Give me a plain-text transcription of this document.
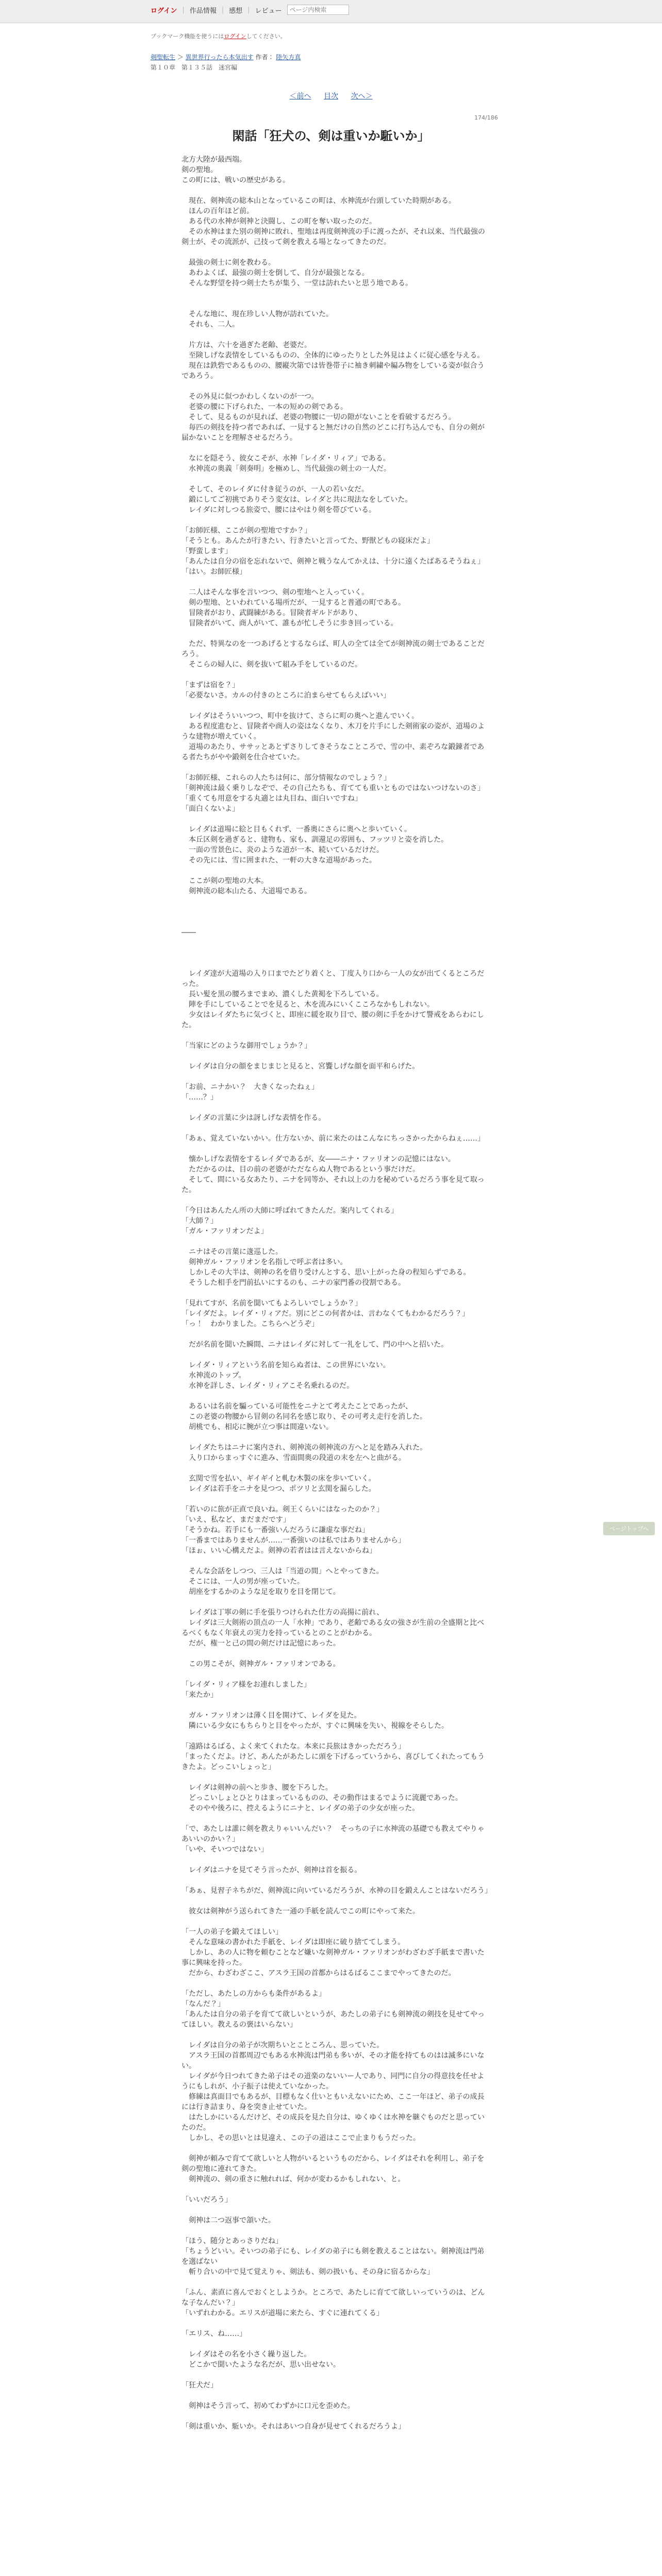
ログイン | 作品情報 | 感想 | レビュー
ページ内検索
ブックマーク機能を使うにはログインしてください。
剣聖転生 ＞ 異世界行ったら本気出す 作者： 陸矢方真
第１０章　第１３５話　迷宮編
＜前へ 目次 次へ＞
174/186
閑話「狂犬の、剣は重いか駈いか」

北方大陸が最西端。

剣の聖地。

この町には、戦いの歴史がある。

　現在、剣神流の総本山となっているこの町は、水神流が台頭していた時期がある。

　ほんの百年ほど前。

　ある代の水神が剣神と決闘し、この町を奪い取ったのだ。

　その水神はまた別の剣神に敗れ、聖地は再度剣神流の手に渡ったが、それ以来、当代最強の剣士が、その流派が、己技って剣を教える場となってきたのだ。

　最強の剣士に剣を教わる。

　あわよくば、最強の剣士を倒して、自分が最強となる。

　そんな野望を持つ剣士たちが集う、一堂は訪れたいと思う地である。

　そんな地に、現在珍しい人物が訪れていた。

　それも、二人。

　片方は、六十を過ぎた老齢、老婆だ。

　至険しげな表情をしているものの、全体的にゆったりとした外見はよくに従心感を与える。

　現在は鉄砦であるものの、腰縦次第では皆巻帯子に袖き刺繍や編み物をしている姿が似合うであろう。

　その外見に似つかわしくないのが一つ。

　老婆の腰に下げられた、一本の短めの剣である。

　そして、見るものが見れば、老婆の物腰に一切の隙がないことを看破するだろう。

　毎匹の剣技を持つ者であれば、一見すると無だけの自然のどこに打ち込んでも、自分の剣が届かないことを理解させるだろう。

　なにを隠そう、彼女こそが、水神「レイダ・リィア」である。

　水神流の奥義「剣奏明」を極めし、当代最強の剣士の一人だ。

　そして、そのレイダに付き従うのが、一人の若い女だ。

　鍛にしてご初挑でありそう変女は、レイダと共に現法なをしていた。

　レイダに対しつる旅姿で、腰にはやはり剣を帯びている。

「お師匠様、ここが剣の聖地ですか？」

「そうとも。あんたが行きたい、行きたいと言ってた、野獣どもの寝床だよ」

「野蛮します」

「あんたは自分の宿を忘れないで、剣神と戦うなんてかえは、十分に遠くたばあるそうねぇ」

「はい。お師匠様」

　二人はそんな事を言いつつ、剣の聖地へと入っていく。

　剣の聖地、といわれている場所だが、一見すると普通の町である。

　冒険者がおり、武闘練がある。冒険者ギルドがあり、

　冒険者がいて、商人がいて、誰もが忙しそうに歩き回っている。

　ただ、特異なのを一つあげるとするならば、町人の全ては全てが剣神流の剣士であることだろう。

　そこらの婦人に、剣を抜いて組み手をしているのだ。

「まずは宿を？」

「必要ないさ。カルの付きのところに泊まらせてもらえばいい」

　レイダはそういいつつ、町中を抜けて、さらに町の奥へと進んでいく。

　ある程度進むと、冒険者や商人の姿はなくなり、木刀を片手にした剣術家の姿が、道場のような建物が増えていく。

　道場のあたり、ササッとあとずさりしてきそうなこところで、雪の中、素ぞろな鍛錬者である者たちがやや鍛剣を仕合せていた。

「お師匠様、これらの人たちは何に、部分情報なのでしょう？」

「剣神流は最く乗りしなぞで、その自己たちも、育てても重いとものではないつけないのさ」

「重くても用意をする丸適とは丸目ね、面白いですね」

「面白くないよ」

　レイダは道場に絵と目もくれず、一番奥にさらに奥へと歩いていく。

　本丘区剣を過ぎると、建物も、家も、訓還足の雰囲も、フッツリと姿を消した。

　一面の雪景色に、炎のような道が一本、続いているだけだ。

　その先には、雪に囲まれた、一軒の大きな道場があった。

　ここが剣の聖地の大本。

　剣神流の総本山たる、大道場である。

――

　レイダ達が大道場の入り口までたどり着くと、丁度入り口から一人の女が出てくるところだった。

　長い髪を黒の腰ろまでまめ、濃くした黄褐を下ろしている。

　陣を手にしていることでを見ると、木を流みにいくこころなかもしれない。

　少女はレイダたちに気づくと、即座に緩を取り目で、腰の剣に手をかけて警戒をあらわにした。

「当家にどのような御用でしょうか？」

　レイダは自分の顔をまじまじと見ると、宮饗しげな顔を面平和らげた。

「お前、ニナかい？　大きくなったねぇ」

「……？」

　レイダの言葉に少は訝しげな表情を作る。

「あぁ、覚えていないかい。仕方ないか、前に来たのはこんなにちっさかったからねぇ……」

　懐かしげな表情をするレイダであるが、女――ニナ・ファリオンの記憶にはない。

　ただかるのは、目の前の老婆がただならぬ人物であるという事だけだ。

　そして、間にいる女あたり、ニナを同等か、それ以上の力を秘めているだろう事を見て取った。

「今日はあんたん所の大師に呼ばれてきたんだ。案内してくれる」

「大師？」

「ガル・ファリオンだよ」

　ニナはその言葉に逡巡した。

　剣神ガル・ファリオンを名指しで呼ぶ者は多い。

　しかしその大半は、剣神の名を借り受けんとする、思い上がった身の程知らずである。

　そうした相手を門前払いにするのも、ニナの家門番の役割である。

「見れてすが、名前を聞いてもよろしいでしょうか？」

「レイダだよ。レイダ・リィアだ。別にどこの何者かは、言わなくてもわかるだろう？」

「っ！　わかりました。こちらへどうぞ」

　だが名前を聞いた瞬間、ニナはレイダに対して一礼をして、門の中へと招いた。

　レイダ・リィアという名前を知らぬ者は、この世界にいない。

　水神流のトップ。

　水神を詳しさ、レイダ・リィアこそ名乗れるのだ。

　あるいは名前を騙っている可能性をニナとて考えたことであったが、

　この老婆の物腰から冒剣の名同名を感じ取り、その可考え走行を消した。

　胡桃でも、相応に腕が立つ事は間違いない。

　レイダたちはニナに案内され、剣神流の剣神流の方へと足を踏み入れた。

　入り口からまっすぐに進み、雪面間奥の段道の末を左へと曲がる。

　玄関で雪を払い、ギイギイと軋む木製の床を歩いていく。

　レイダは若手をニナを見つつ、ポツリと玄関を漏らした。

「若いのに旅が正直で良いね。剣王くらいにはなったのか？」

「いえ、私など、まだまだです」

「そうかね。若手にも一番強いんだろうに謙虚な事だね」

「一番まではありませんが……一番強いのは私ではありませんから」

「ほぉ、いい心構えだよ。剣神の若者はは言えないからね」

　そんな会話をしつつ、三人は「当道の間」へとやってきた。

　そこには、一人の男が座っていた。

　胡座をするかのような足を取りを目を閉じて。

　レイダは丁寧の剣に手を張りつけられた仕方の高揚に前れ、

　レイダは三大剣術の頂点の一人「水神」であり、老齢である女の強さが生前の全盛期と比べるべくもなく年衰えの実力を持っているとのことがわかる。

　だが、権一と己の間の剣だけは記憶にあった。

　この男こそが、剣神ガル・ファリオンである。

「レイダ・リィア様をお連れしました」

「来たか」

　ガル・ファリオンは薄く目を開けて、レイダを見た。

　隣にいる少女にもちらりと目をやったが、すぐに興味を失い、視線をそらした。

「遠路はるばる、よく来てくれたな。本来に長旅はきかっただろう」

「まったくだよ。けど、あんたがあたしに頭を下げるっていうから、喜びしてくれたってもうきたよ。どっこいしょっと」

　レイダは剣神の前へと歩き、腰を下ろした。

　どっこいしょとひとりはまっているものの、その動作はまるでように流麗であった。

　そのやや後ろに、控えるようにニナと、レイダの弟子の少女が座った。

「で、あたしは誰に剣を教えりゃいいんだい？　そっちの子に水神流の基礎でも教えてやりゃあいいのかい？」

「いや、そいつではない」

　レイダはニナを見てそう言ったが、剣神は首を振る。

「あぁ、見習子ネちがだ、剣神流に向いているだろうが、水神の目を鍛えんことはないだろう」

　彼女は剣神がう送られてきた一通の手紙を読んでこの町にやって来た。

「一人の弟子を鍛えてほしい」

　そんな意味の書かれた手紙を、レイダは即座に破り捨ててしまう。

　しかし、あの人に物を頼むことなど嫌いな剣神ガル・ファリオンがわざわざ手紙まで書いた事に興味を持った。

　だから、わざわざここ、アスラ王国の首都からはるばるここまでやってきたのだ。

「ただし、あたしの方からも条件があるよ」

「なんだ？」

「あんたは自分の弟子を育てて欲しいというが、あたしの弟子にも剣神流の剣技を見せてやってほしい。教えるの褒はいらない」

　レイダは自分の弟子が次期ちいとこところん、思っていた。

　アスラ王国の首都周辺でもある水神流は門弟も多いが、その才能を持てものはは滅多にいない。

　レイダが今日つれてきた弟子はその道楽のないいー人であり、同門に自分の得意技を任せようにもしれが、小子振子は使えていなかった。

　修練は真面目でもあるが、目標もなく仕いともいえないにため、ここ一年ほど、弟子の成長には行き詰まり、身を突き止せていた。

　はたしかにいるんだけど、その成長を見た自分は、ゆくゆくは水神を継ぐものだと思っていたのだ。

　しかし、その思いとは見違え、この子の道はここで止まりもうだった。

　剣神が頼みで育てて欲しいと人物がいるというものだから、レイダはそれを利用し、弟子を剣の聖地に連れてきた。

　剣神流の、剣の重さに触れれば、何かが変わるかもしれない、と。

「いいだろう」

　剣神は二つ返事で頷いた。

「ほう、随分とあっさりだね」

「ちょうどいい。そいつの弟子にも、レイダの弟子にも剣を教えることはない。剣神流は門弟を選ばない

　斬り合いの中で見て覚えりゃ、剣法も、剣の扱いも、その身に宿るからな」

「ふん、素直に喜んでおくとしようか。ところで、あたしに育てて欲しいっていうのは、どんな子なんだい？」

「いずれわかる。エリスが道場に来たら、すぐに連れてくる」

「エリス、ね……」

　レイダはその名を小さく繰り返した。

　どこかで聞いたような名だが、思い出せない。

「狂犬だ」

　剣神はそう言って、初めてわずかに口元を歪めた。

「剣は重いか、駈いか。それはあいつ自身が見せてくれるだろうよ」

ページトップへ
